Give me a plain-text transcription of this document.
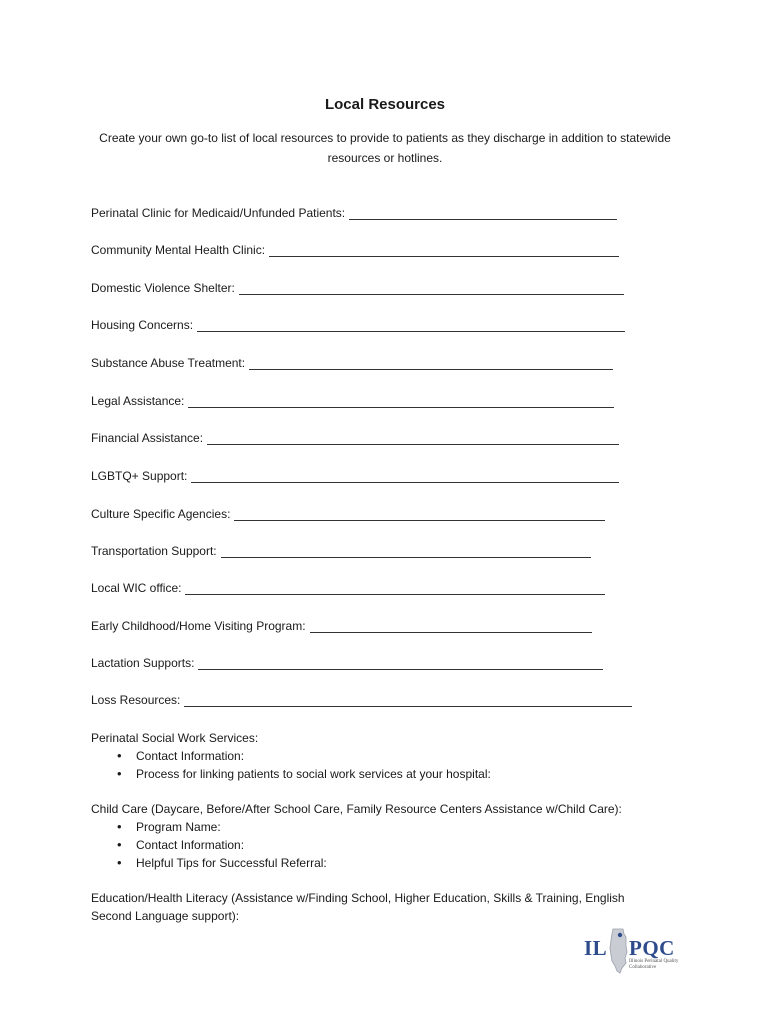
Local Resources
Create your own go-to list of local resources to provide to patients as they discharge in addition to statewide resources or hotlines.
Perinatal Clinic for Medicaid/Unfunded Patients:
Community Mental Health Clinic:
Domestic Violence Shelter:
Housing Concerns:
Substance Abuse Treatment:
Legal Assistance:
Financial Assistance:
LGBTQ+ Support:
Culture Specific Agencies:
Transportation Support:
Local WIC office:
Early Childhood/Home Visiting Program:
Lactation Supports:
Loss Resources:
Perinatal Social Work Services:
• Contact Information:
• Process for linking patients to social work services at your hospital:
Child Care (Daycare, Before/After School Care, Family Resource Centers Assistance w/Child Care):
• Program Name:
• Contact Information:
• Helpful Tips for Successful Referral:
Education/Health Literacy (Assistance w/Finding School, Higher Education, Skills & Training, English Second Language support):
IL PQC
Illinois Perinatal Quality Collaborative
